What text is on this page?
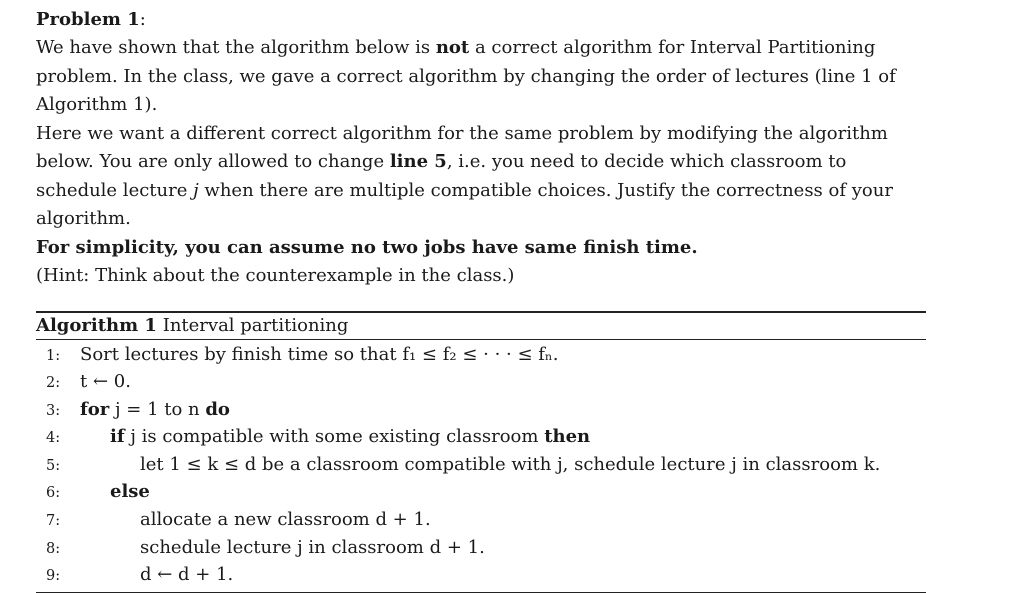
Problem 1:

We have shown that the algorithm below is not a correct algorithm for Interval Partitioning problem. In the class, we gave a correct algorithm by changing the order of lectures (line 1 of Algorithm 1).

Here we want a different correct algorithm for the same problem by modifying the algorithm below. You are only allowed to change line 5, i.e. you need to decide which classroom to schedule lecture j when there are multiple compatible choices. Justify the correctness of your algorithm.

For simplicity, you can assume no two jobs have same finish time.

(Hint: Think about the counterexample in the class.)

Algorithm 1 Interval partitioning
1:	Sort lectures by finish time so that f₁ ≤ f₂ ≤ · · · ≤ fₙ.
2:	t ← 0.
3:	for j = 1 to n do
4:	if j is compatible with some existing classroom then
5:	let 1 ≤ k ≤ d be a classroom compatible with j, schedule lecture j in classroom k.
6:	else
7:	allocate a new classroom d + 1.
8:	schedule lecture j in classroom d + 1.
9:	d ← d + 1.
